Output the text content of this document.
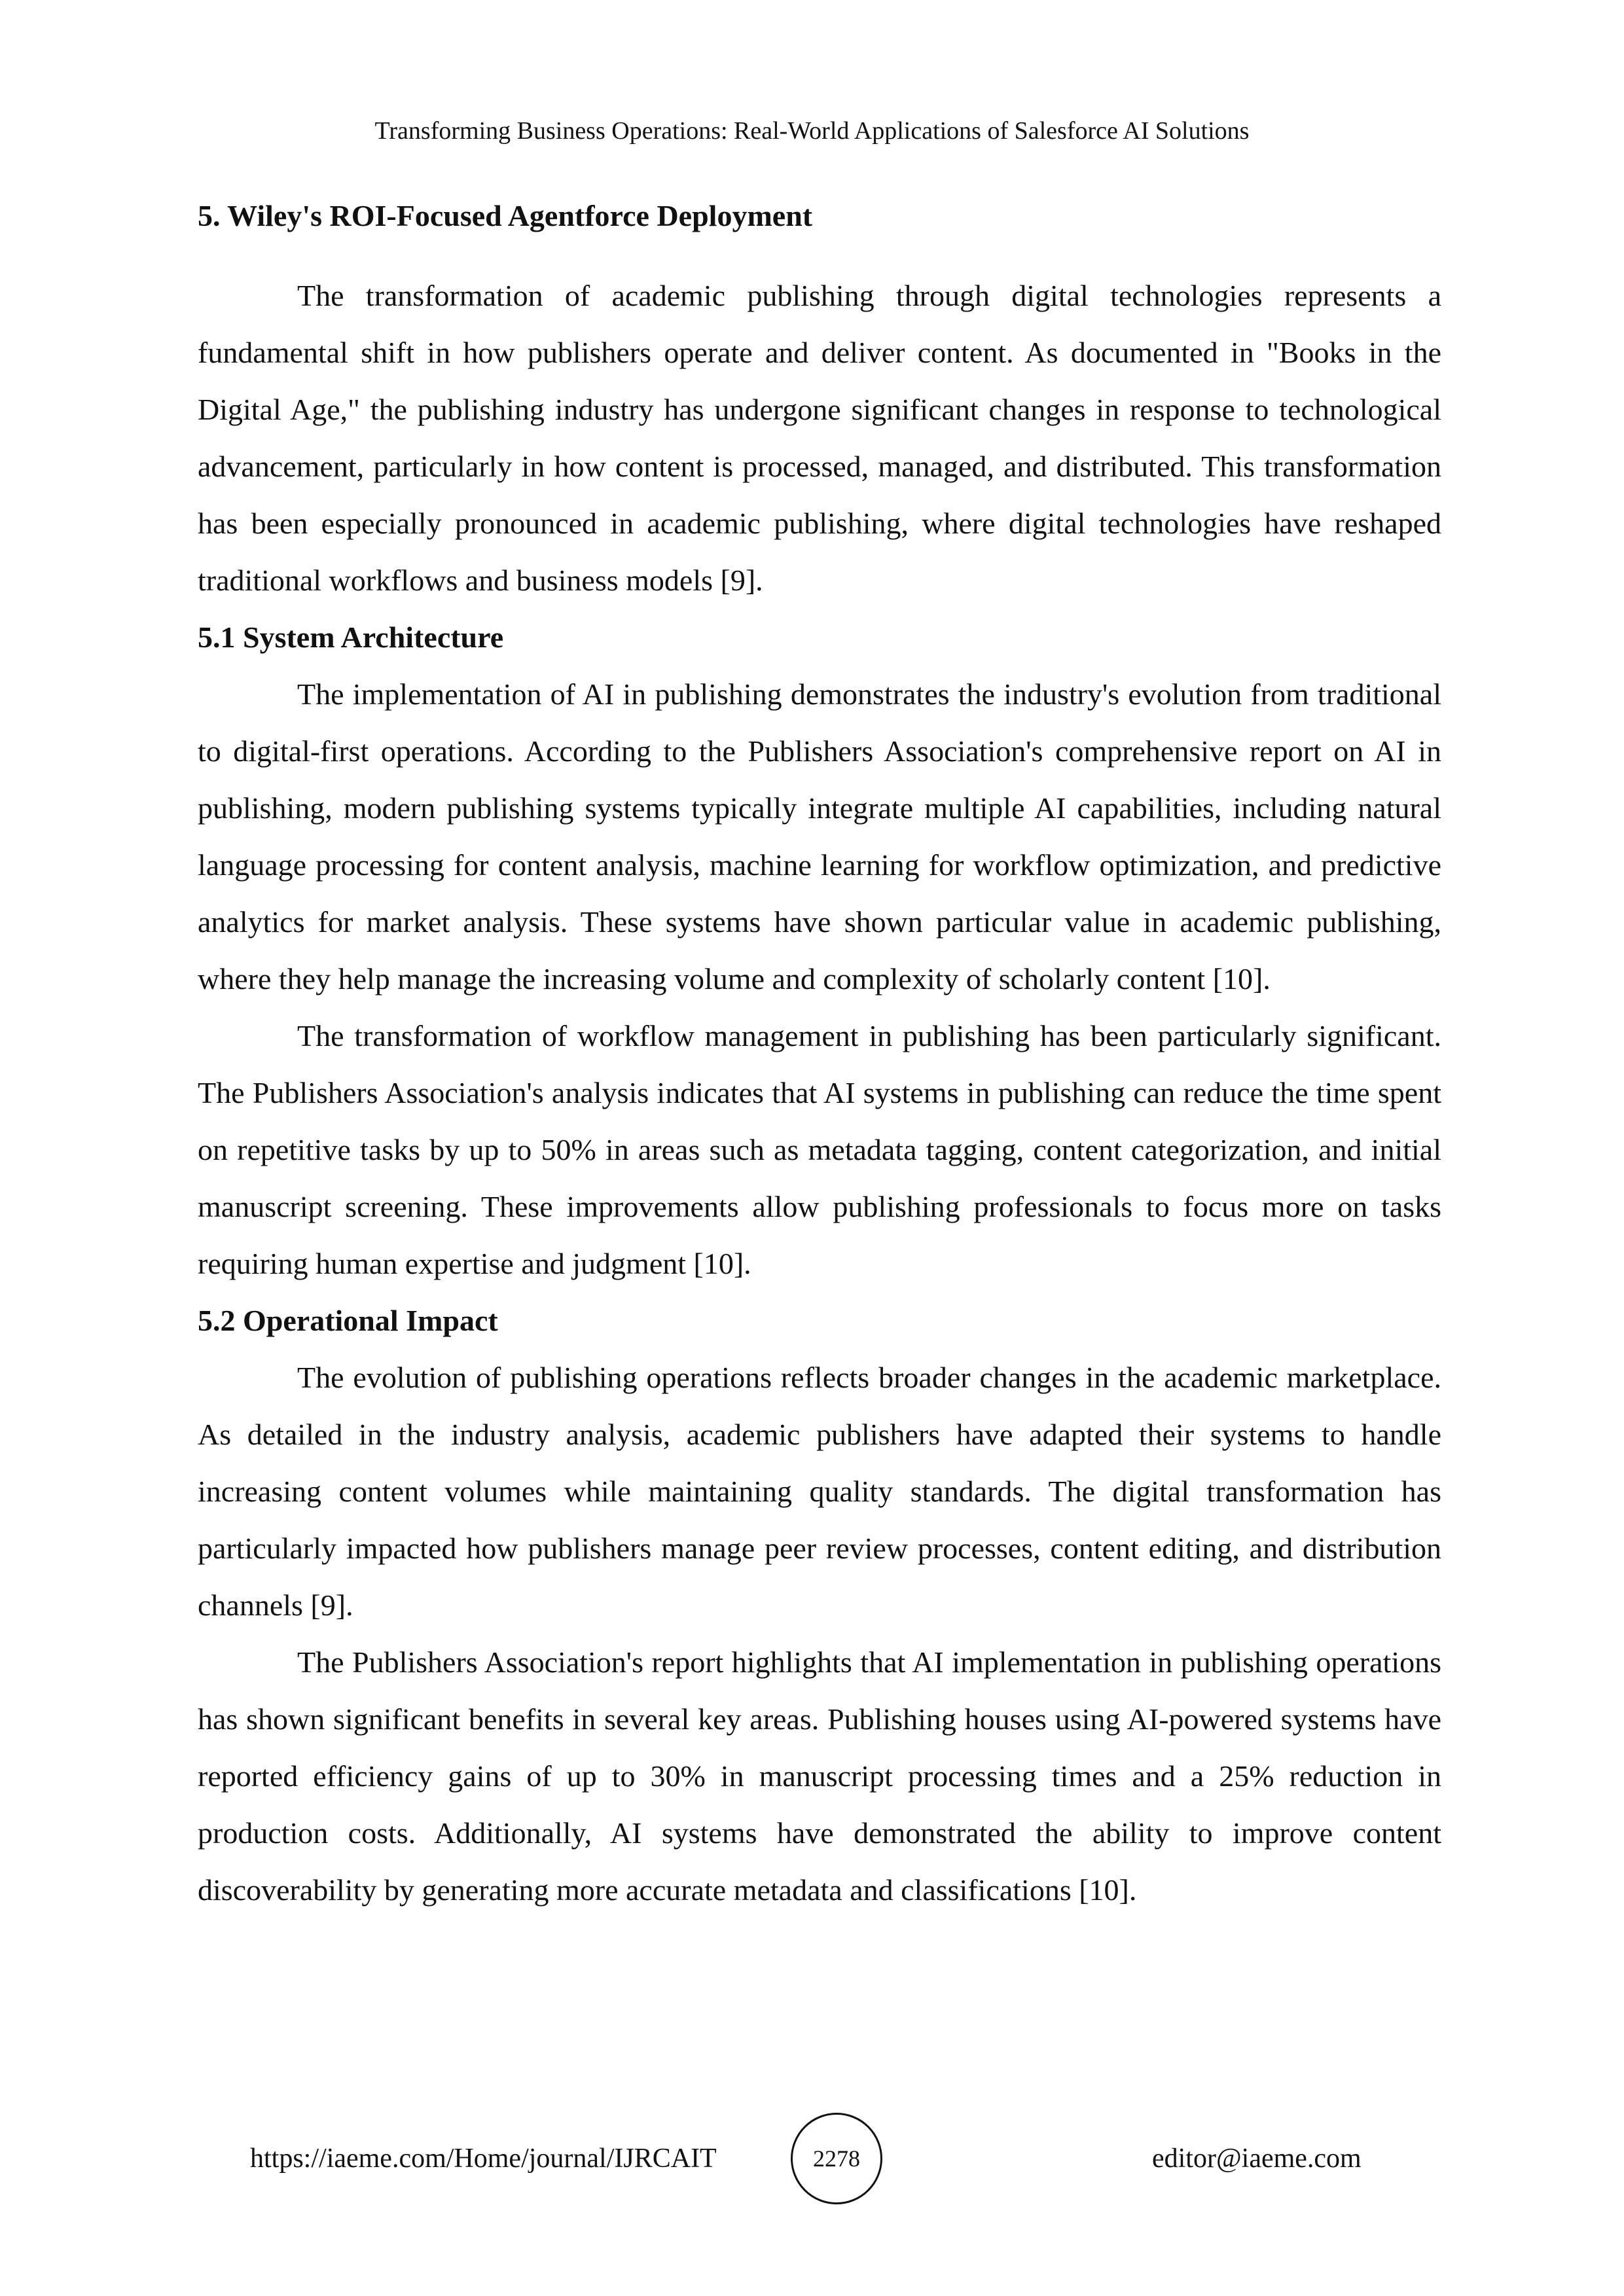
Transforming Business Operations: Real-World Applications of Salesforce AI Solutions
5. Wiley's ROI-Focused Agentforce Deployment

The transformation of academic publishing through digital technologies represents a fundamental shift in how publishers operate and deliver content. As documented in "Books in the Digital Age," the publishing industry has undergone significant changes in response to technological advancement, particularly in how content is processed, managed, and distributed. This transformation has been especially pronounced in academic publishing, where digital technologies have reshaped traditional workflows and business models [9].

5.1 System Architecture

The implementation of AI in publishing demonstrates the industry's evolution from traditional to digital-first operations. According to the Publishers Association's comprehensive report on AI in publishing, modern publishing systems typically integrate multiple AI capabilities, including natural language processing for content analysis, machine learning for workflow optimization, and predictive analytics for market analysis. These systems have shown particular value in academic publishing, where they help manage the increasing volume and complexity of scholarly content [10].

The transformation of workflow management in publishing has been particularly significant. The Publishers Association's analysis indicates that AI systems in publishing can reduce the time spent on repetitive tasks by up to 50% in areas such as metadata tagging, content categorization, and initial manuscript screening. These improvements allow publishing professionals to focus more on tasks requiring human expertise and judgment [10].

5.2 Operational Impact

The evolution of publishing operations reflects broader changes in the academic marketplace. As detailed in the industry analysis, academic publishers have adapted their systems to handle increasing content volumes while maintaining quality standards. The digital transformation has particularly impacted how publishers manage peer review processes, content editing, and distribution channels [9].

The Publishers Association's report highlights that AI implementation in publishing operations has shown significant benefits in several key areas. Publishing houses using AI-powered systems have reported efficiency gains of up to 30% in manuscript processing times and a 25% reduction in production costs. Additionally, AI systems have demonstrated the ability to improve content discoverability by generating more accurate metadata and classifications [10].

https://iaeme.com/Home/journal/IJRCAIT	2278	editor@iaeme.com
